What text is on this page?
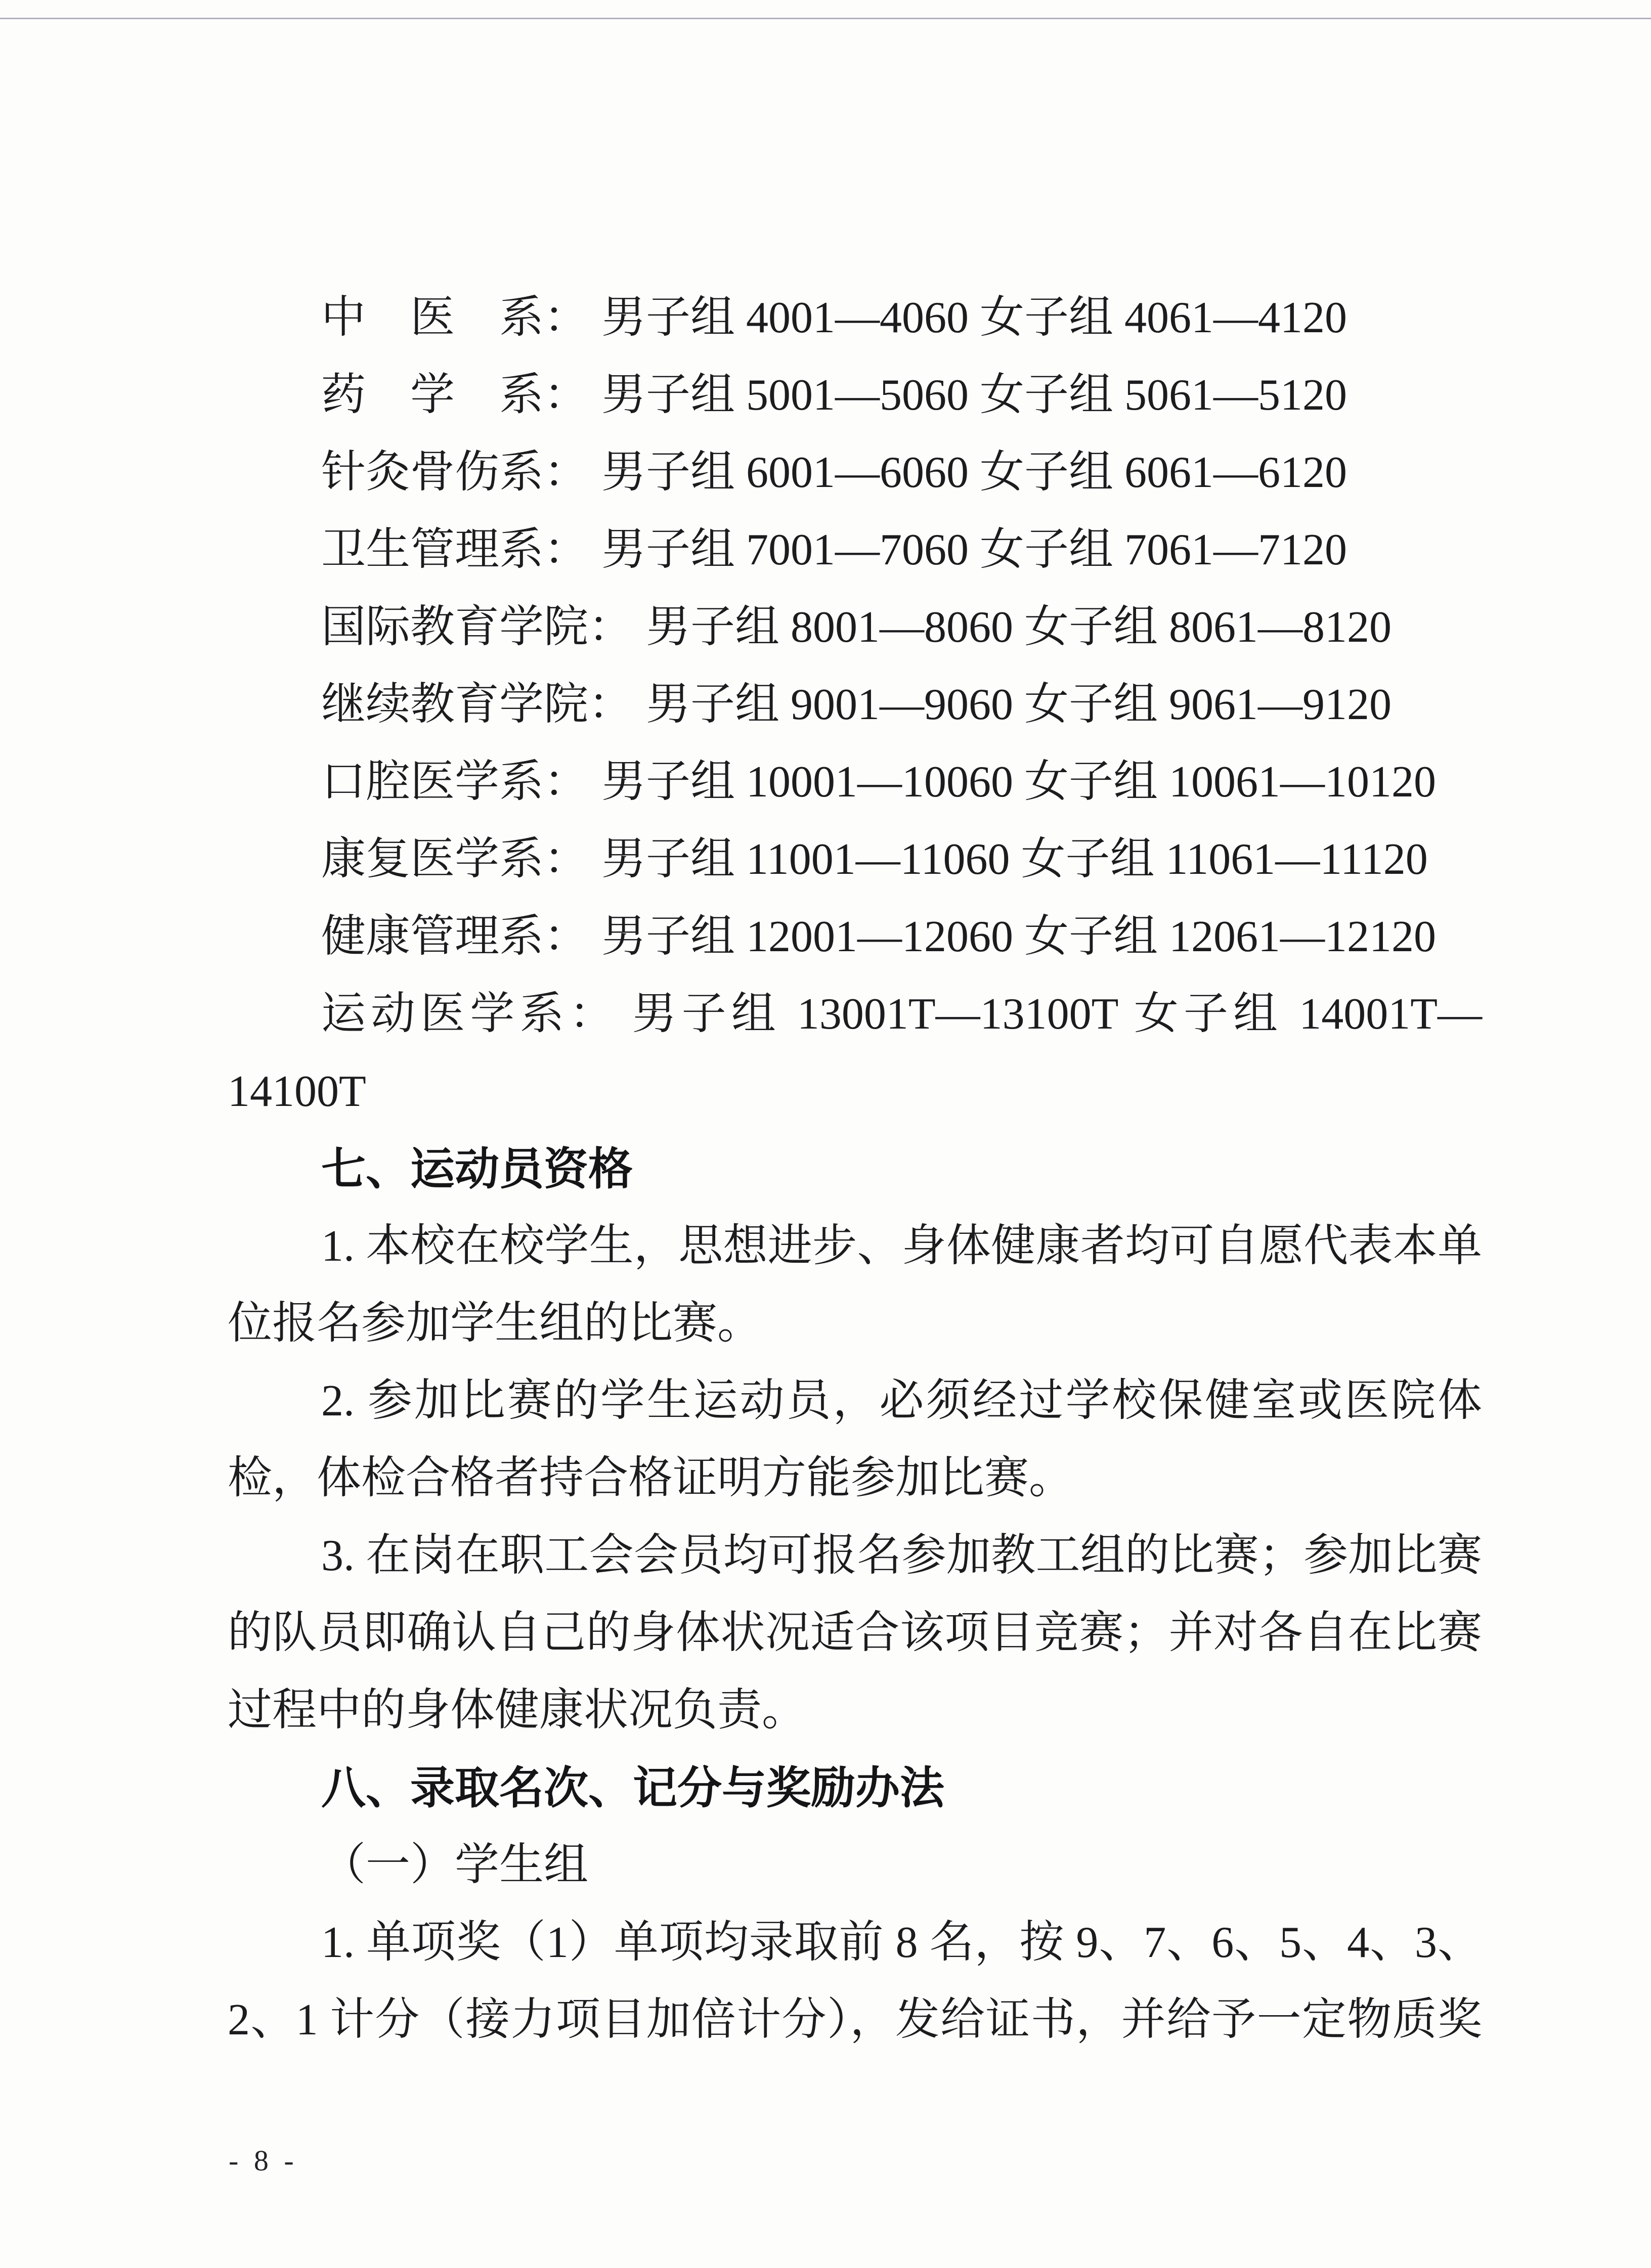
中　医　系： 男子组 4001—4060 女子组 4061—4120
药　学　系： 男子组 5001—5060 女子组 5061—5120
针灸骨伤系： 男子组 6001—6060 女子组 6061—6120
卫生管理系： 男子组 7001—7060 女子组 7061—7120
国际教育学院： 男子组 8001—8060 女子组 8061—8120
继续教育学院： 男子组 9001—9060 女子组 9061—9120
口腔医学系： 男子组 10001—10060 女子组 10061—10120
康复医学系： 男子组 11001—11060 女子组 11061—11120
健康管理系： 男子组 12001—12060 女子组 12061—12120
运动医学系： 男子组 13001T—13100T 女子组 14001T—
14100T
七、运动员资格
1. 本校在校学生，思想进步、身体健康者均可自愿代表本单
位报名参加学生组的比赛。
2. 参加比赛的学生运动员，必须经过学校保健室或医院体
检，体检合格者持合格证明方能参加比赛。
3. 在岗在职工会会员均可报名参加教工组的比赛；参加比赛
的队员即确认自己的身体状况适合该项目竞赛；并对各自在比赛
过程中的身体健康状况负责。
八、录取名次、记分与奖励办法
（一）学生组
1. 单项奖（1）单项均录取前 8 名，按 9、7、6、5、4、3、
2、1 计分（接力项目加倍计分），发给证书，并给予一定物质奖
- 8 -
